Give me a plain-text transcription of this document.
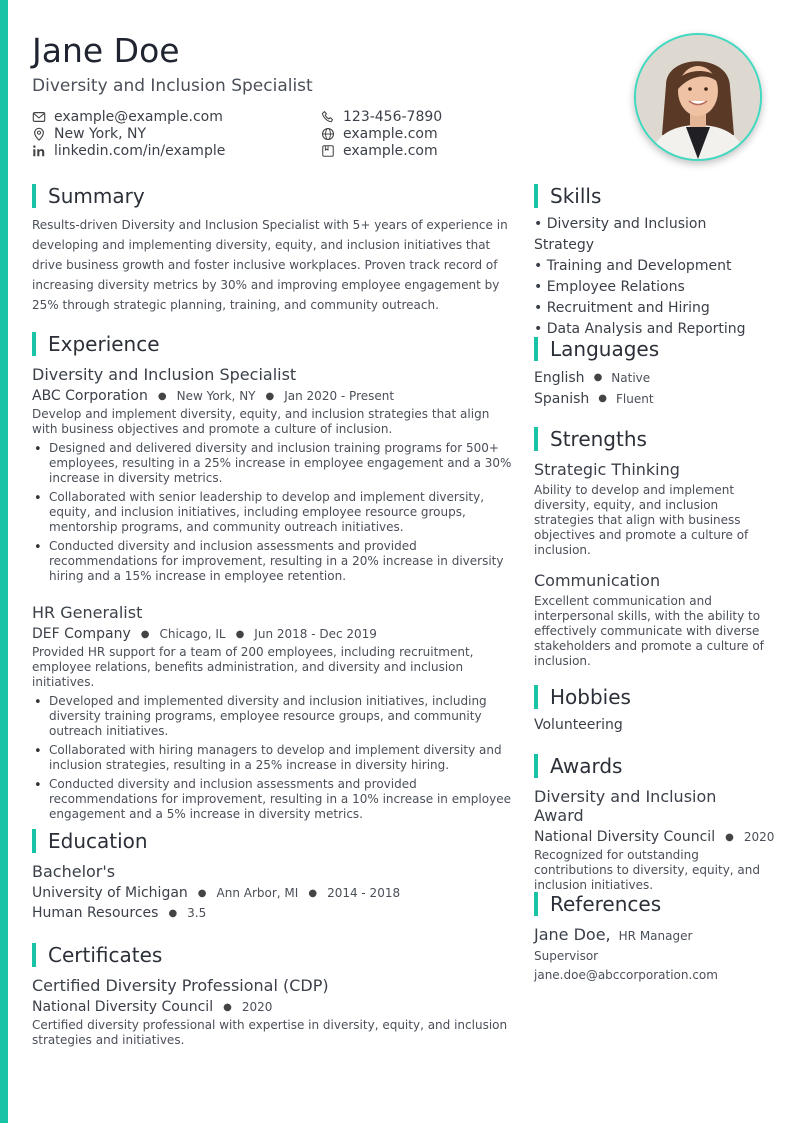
Jane Doe
Diversity and Inclusion Specialist
example@example.com	123-456-7890
New York, NY	example.com
linkedin.com/in/example	example.com
Summary
Results-driven Diversity and Inclusion Specialist with 5+ years of experience in developing and implementing diversity, equity, and inclusion initiatives that drive business growth and foster inclusive workplaces. Proven track record of increasing diversity metrics by 30% and improving employee engagement by 25% through strategic planning, training, and community outreach.
Experience
Diversity and Inclusion Specialist
ABC Corporation ● New York, NY ● Jan 2020 - Present
Develop and implement diversity, equity, and inclusion strategies that align with business objectives and promote a culture of inclusion.
• Designed and delivered diversity and inclusion training programs for 500+ employees, resulting in a 25% increase in employee engagement and a 30% increase in diversity metrics.
• Collaborated with senior leadership to develop and implement diversity, equity, and inclusion initiatives, including employee resource groups, mentorship programs, and community outreach initiatives.
• Conducted diversity and inclusion assessments and provided recommendations for improvement, resulting in a 20% increase in diversity hiring and a 15% increase in employee retention.
HR Generalist
DEF Company ● Chicago, IL ● Jun 2018 - Dec 2019
Provided HR support for a team of 200 employees, including recruitment, employee relations, benefits administration, and diversity and inclusion initiatives.
• Developed and implemented diversity and inclusion initiatives, including diversity training programs, employee resource groups, and community outreach initiatives.
• Collaborated with hiring managers to develop and implement diversity and inclusion strategies, resulting in a 25% increase in diversity hiring.
• Conducted diversity and inclusion assessments and provided recommendations for improvement, resulting in a 10% increase in employee engagement and a 5% increase in diversity metrics.
Education
Bachelor's
University of Michigan ● Ann Arbor, MI ● 2014 - 2018
Human Resources ● 3.5
Certificates
Certified Diversity Professional (CDP)
National Diversity Council ● 2020
Certified diversity professional with expertise in diversity, equity, and inclusion strategies and initiatives.
Skills
• Diversity and Inclusion Strategy
• Training and Development
• Employee Relations
• Recruitment and Hiring
• Data Analysis and Reporting
Languages
English ● Native
Spanish ● Fluent
Strengths
Strategic Thinking
Ability to develop and implement diversity, equity, and inclusion strategies that align with business objectives and promote a culture of inclusion.
Communication
Excellent communication and interpersonal skills, with the ability to effectively communicate with diverse stakeholders and promote a culture of inclusion.
Hobbies
Volunteering
Awards
Diversity and Inclusion Award
National Diversity Council ● 2020
Recognized for outstanding contributions to diversity, equity, and inclusion initiatives.
References
Jane Doe, HR Manager
Supervisor
jane.doe@abccorporation.com
